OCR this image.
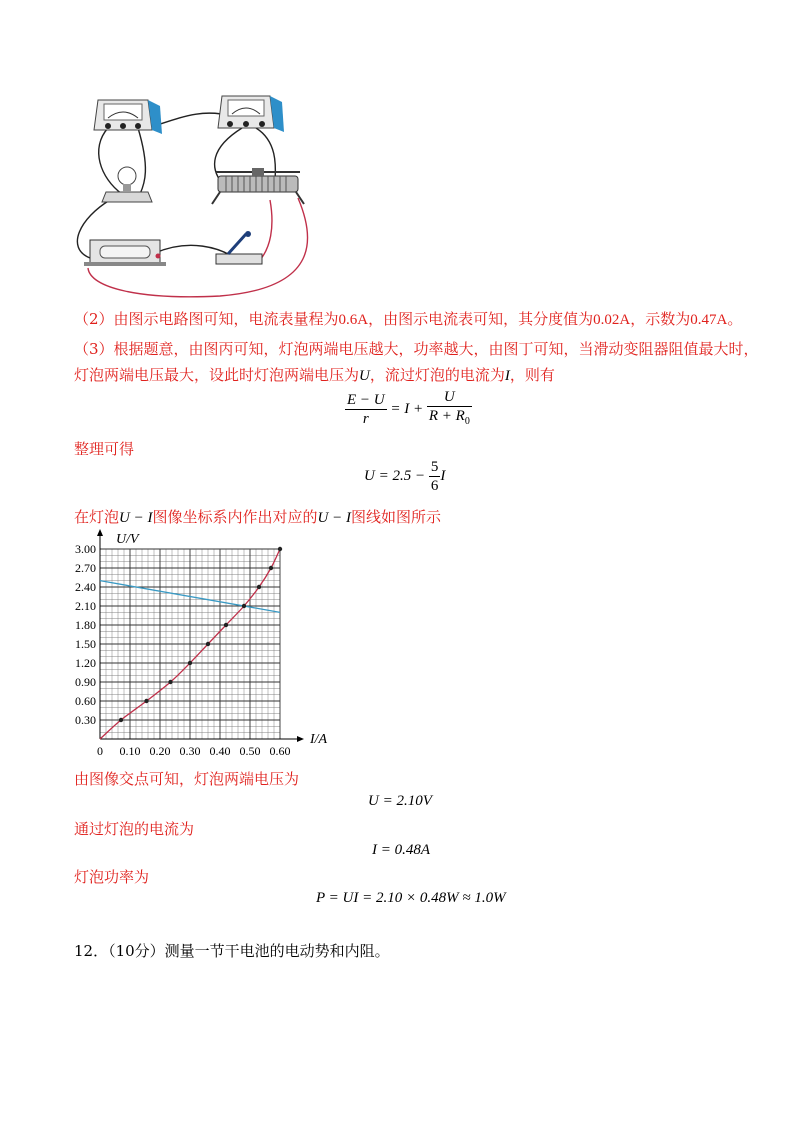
（2）由图示电路图可知，电流表量程为0.6A，由图示电流表可知，其分度值为0.02A，示数为0.47A。
（3）根据题意，由图丙可知，灯泡两端电压越大，功率越大，由图丁可知，当滑动变阻器阻值最大时，
灯泡两端电压最大，设此时灯泡两端电压为U，流过灯泡的电流为I，则有
$\frac{E - U}{r} = I + \frac{U}{R + R_0}$
整理可得
$U = 2.5 - \frac{5}{6}$ I
在灯泡U − I图像坐标系内作出对应的U − I图线如图所示
0.30
0.60
0.90
1.20
1.50
1.80
2.10
2.40
2.70
3.00
0 0.10 0.20 0.30 0.40 0.50 0.60
U/V
I/A
由图像交点可知，灯泡两端电压为
U = 2.10V
通过灯泡的电流为
I = 0.48A
灯泡功率为
P = UI = 2.10 × 0.48W ≈ 1.0W
12．（10分）测量一节干电池的电动势和内阻。
